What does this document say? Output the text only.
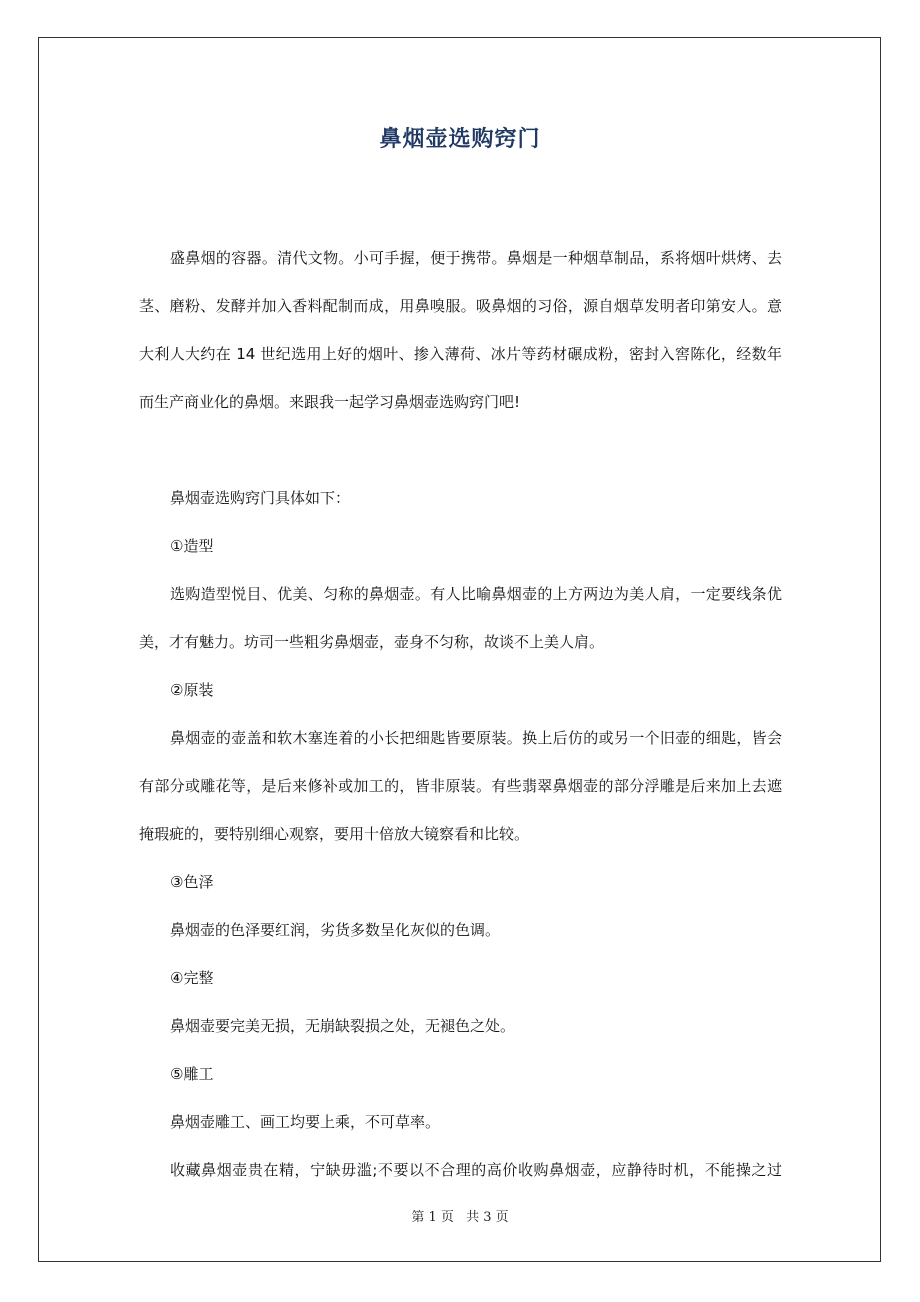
鼻烟壶选购窍门
盛鼻烟的容器。清代文物。小可手握，便于携带。鼻烟是一种烟草制品，系将烟叶烘烤、去
茎、磨粉、发酵并加入香料配制而成，用鼻嗅服。吸鼻烟的习俗，源自烟草发明者印第安人。意
大利人大约在 14 世纪选用上好的烟叶、掺入薄荷、冰片等药材碾成粉，密封入窖陈化，经数年
而生产商业化的鼻烟。来跟我一起学习鼻烟壶选购窍门吧!
鼻烟壶选购窍门具体如下：
①造型
选购造型悦目、优美、匀称的鼻烟壶。有人比喻鼻烟壶的上方两边为美人肩，一定要线条优
美，才有魅力。坊司一些粗劣鼻烟壶，壶身不匀称，故谈不上美人肩。
②原装
鼻烟壶的壶盖和软木塞连着的小长把细匙皆要原装。换上后仿的或另一个旧壶的细匙，皆会
有部分或雕花等，是后来修补或加工的，皆非原装。有些翡翠鼻烟壶的部分浮雕是后来加上去遮
掩瑕疵的，要特别细心观察，要用十倍放大镜察看和比较。
③色泽
鼻烟壶的色泽要红润，劣货多数呈化灰似的色调。
④完整
鼻烟壶要完美无损，无崩缺裂损之处，无褪色之处。
⑤雕工
鼻烟壶雕工、画工均要上乘，不可草率。
收藏鼻烟壶贵在精，宁缺毋滥;不要以不合理的高价收购鼻烟壶，应静待时机，不能操之过
第 1 页 共 3 页
